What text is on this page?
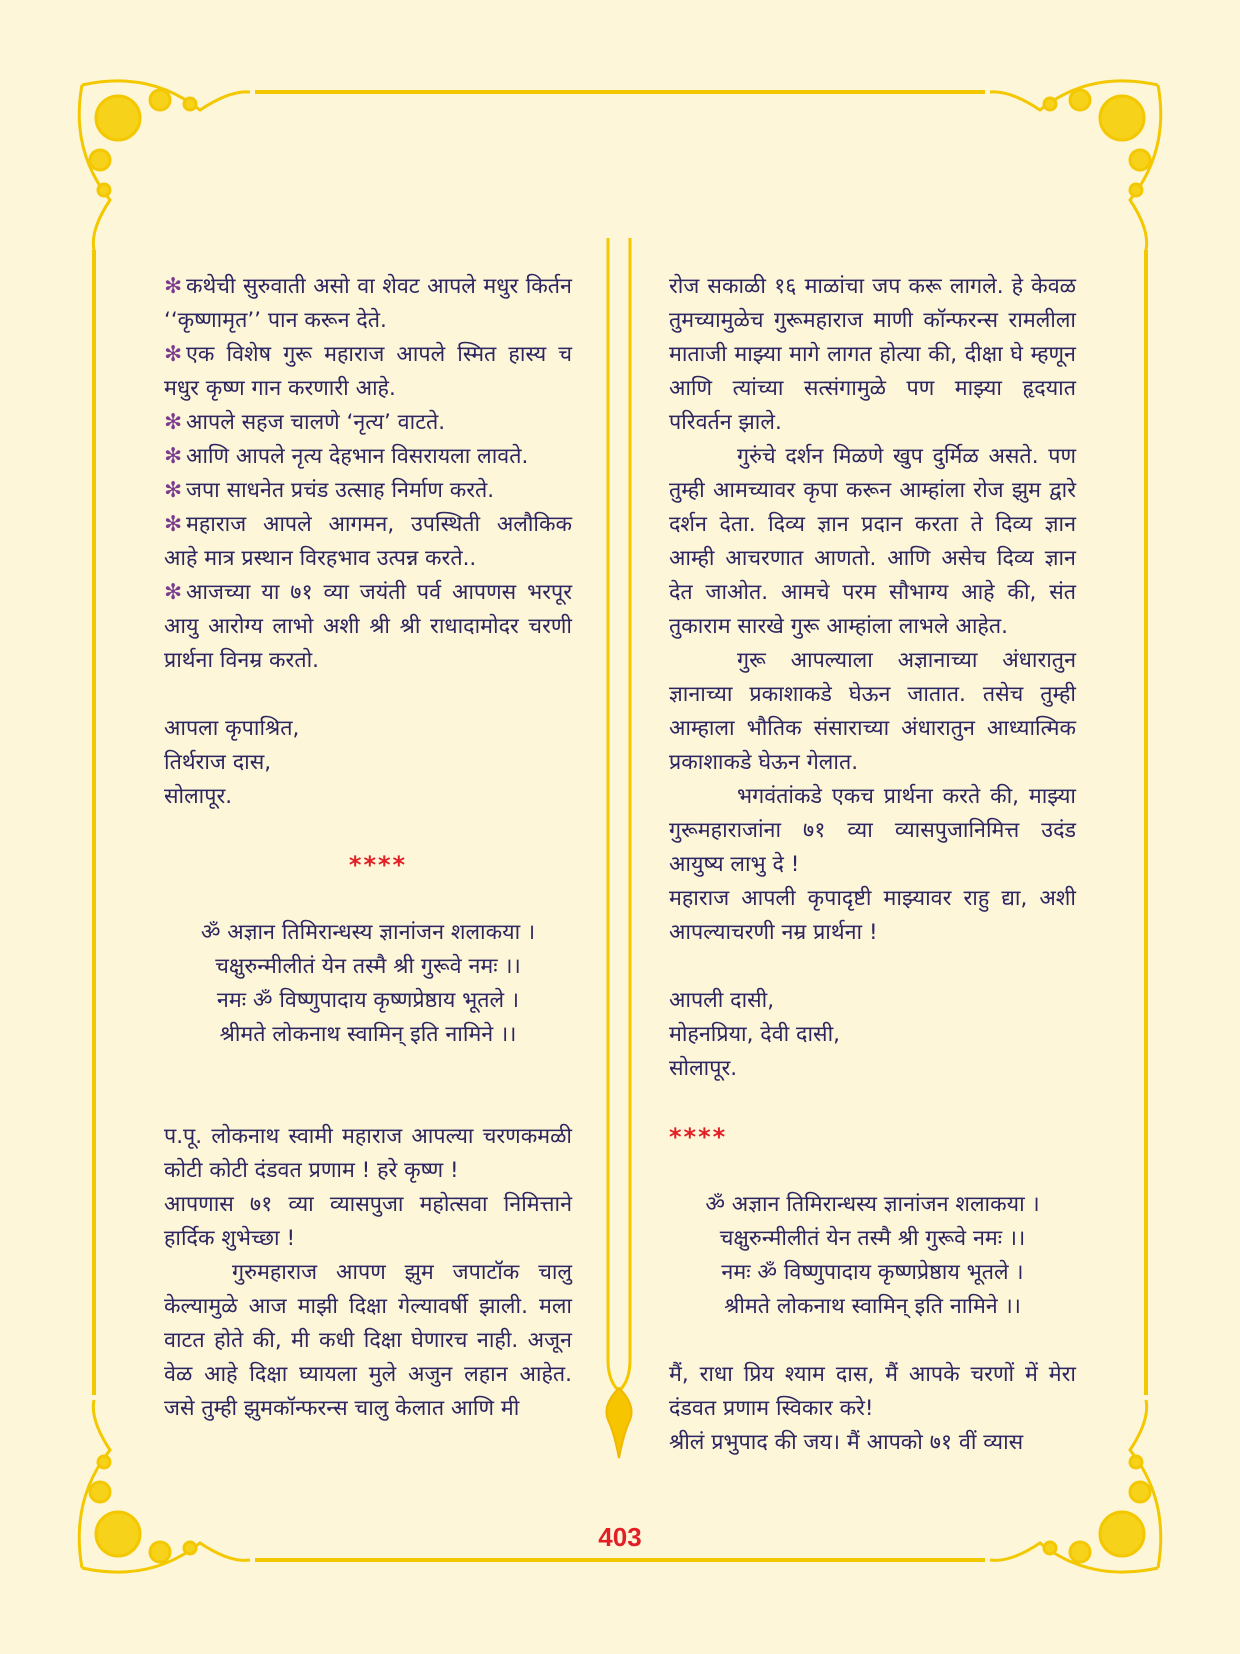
✻ कथेची सुरुवाती असो वा शेवट आपले मधुर किर्तन ‘‘कृष्णामृत’’ पान करून देते.

✻ एक विशेष गुरू महाराज आपले स्मित हास्य च मधुर कृष्ण गान करणारी आहे.

✻ आपले सहज चालणे ‘नृत्य’ वाटते.

✻ आणि आपले नृत्य देहभान विसरायला लावते.

✻ जपा साधनेत प्रचंड उत्साह निर्माण करते.

✻ महाराज आपले आगमन, उपस्थिती अलौकिक आहे मात्र प्रस्थान विरहभाव उत्पन्न करते..

✻ आजच्या या ७१ व्या जयंती पर्व आपणस भरपूर आयु आरोग्य लाभो अशी श्री श्री राधादामोदर चरणी प्रार्थना विनम्र करतो.

आपला कृपाश्रित,

तिर्थराज दास,

सोलापूर.

****

ॐ अज्ञान तिमिरान्धस्य ज्ञानांजन शलाकया ।

चक्षुरुन्मीलीतं येन तस्मै श्री गुरूवे नमः ।।

नमः ॐ विष्णुपादाय कृष्णप्रेष्ठाय भूतले ।

श्रीमते लोकनाथ स्वामिन् इति नामिने ।।

प.पू. लोकनाथ स्वामी महाराज आपल्या चरणकमळी कोटी कोटी दंडवत प्रणाम ! हरे कृष्ण !

आपणास ७१ व्या व्यासपुजा महोत्सवा निमित्ताने हार्दिक शुभेच्छा !

गुरुमहाराज आपण झुम जपाटॉक चालु केल्यामुळे आज माझी दिक्षा गेल्यावर्षी झाली. मला वाटत होते की, मी कधी दिक्षा घेणारच नाही. अजून वेळ आहे दिक्षा घ्यायला मुले अजुन लहान आहेत. जसे तुम्ही झुमकॉन्फरन्स चालु केलात आणि मी

रोज सकाळी १६ माळांचा जप करू लागले. हे केवळ तुमच्यामुळेच गुरूमहाराज माणी कॉन्फरन्स रामलीला माताजी माझ्या मागे लागत होत्या की, दीक्षा घे म्हणून आणि त्यांच्या सत्संगामुळे पण माझ्या हृदयात परिवर्तन झाले.

गुरुंचे दर्शन मिळणे खुप दुर्मिळ असते. पण तुम्ही आमच्यावर कृपा करून आम्हांला रोज झुम द्वारे दर्शन देता. दिव्य ज्ञान प्रदान करता ते दिव्य ज्ञान आम्ही आचरणात आणतो. आणि असेच दिव्य ज्ञान देत जाओत. आमचे परम सौभाग्य आहे की, संत तुकाराम सारखे गुरू आम्हांला लाभले आहेत.

गुरू आपल्याला अज्ञानाच्या अंधारातुन ज्ञानाच्या प्रकाशाकडे घेऊन जातात. तसेच तुम्ही आम्हाला भौतिक संसाराच्या अंधारातुन आध्यात्मिक प्रकाशाकडे घेऊन गेलात.

भगवंतांकडे एकच प्रार्थना करते की, माझ्या गुरूमहाराजांना ७१ व्या व्यासपुजानिमित्त उदंड आयुष्य लाभु दे !

महाराज आपली कृपादृष्टी माझ्यावर राहु द्या, अशी आपल्याचरणी नम्र प्रार्थना !

आपली दासी,

मोहनप्रिया, देवी दासी,

सोलापूर.

****

ॐ अज्ञान तिमिरान्धस्य ज्ञानांजन शलाकया ।

चक्षुरुन्मीलीतं येन तस्मै श्री गुरूवे नमः ।।

नमः ॐ विष्णुपादाय कृष्णप्रेष्ठाय भूतले ।

श्रीमते लोकनाथ स्वामिन् इति नामिने ।।

मैं, राधा प्रिय श्याम दास, मैं आपके चरणों में मेरा दंडवत प्रणाम स्विकार करे!

श्रीलं प्रभुपाद की जय। मैं आपको ७१ वीं व्यास

403
